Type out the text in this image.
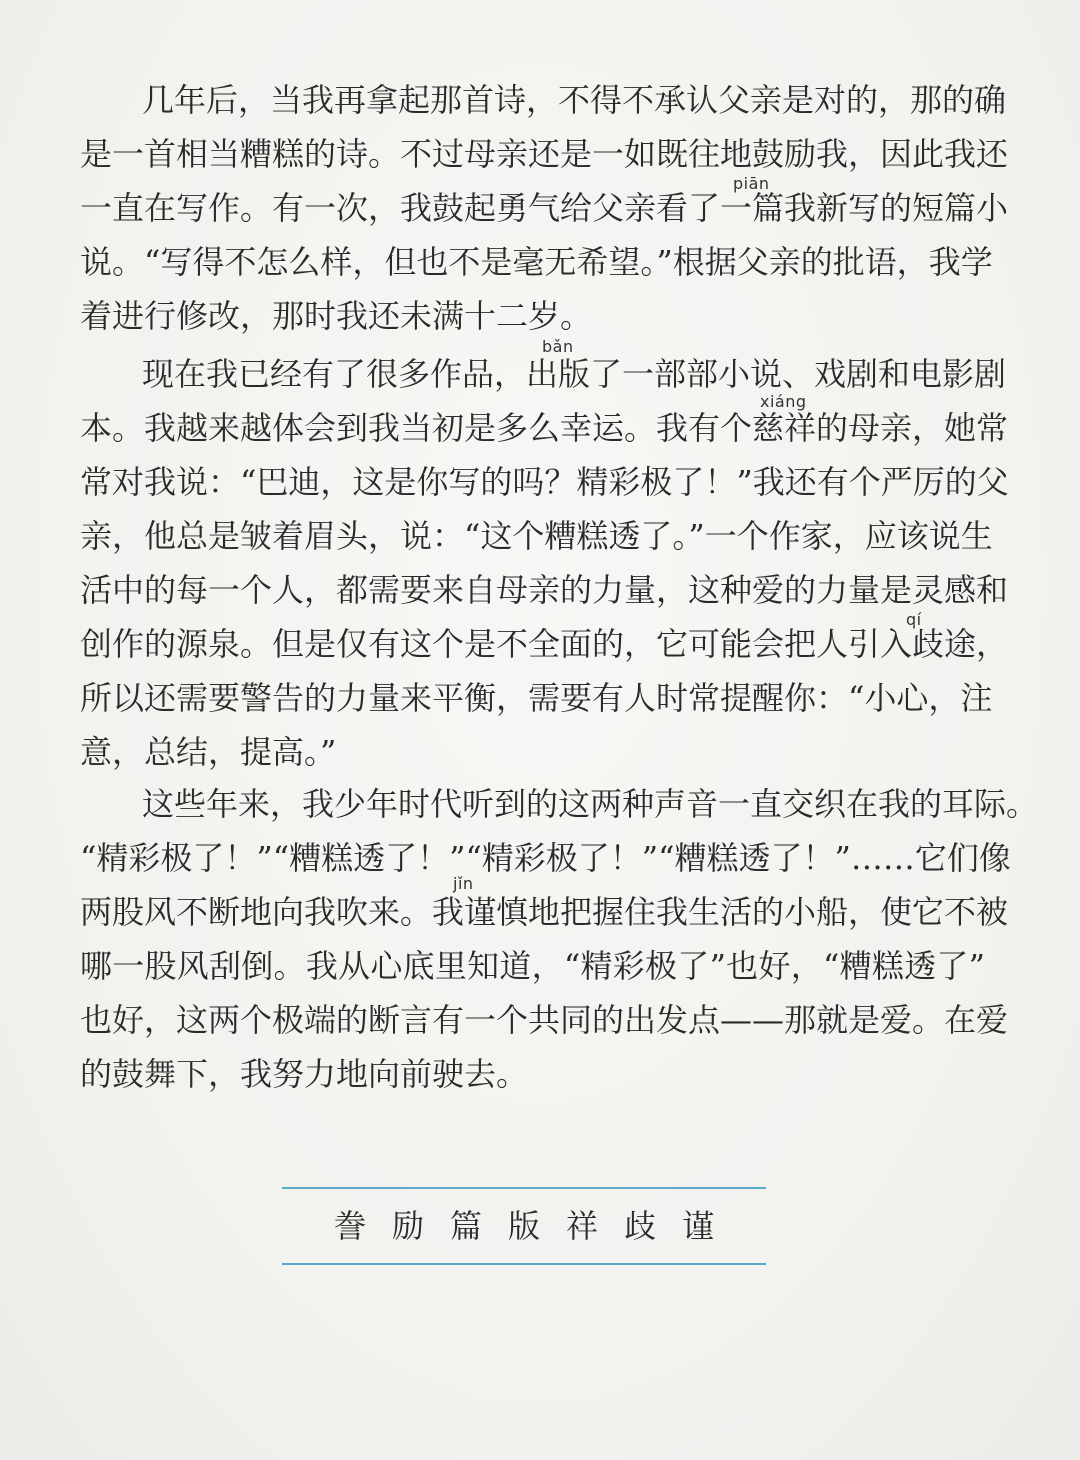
几年后，当我再拿起那首诗，不得不承认父亲是对的，那的确
是一首相当糟糕的诗。不过母亲还是一如既往地鼓励我，因此我还
一直在写作。有一次，我鼓起勇气给父亲看了一篇我新写的短篇小
说。“写得不怎么样，但也不是毫无希望。”根据父亲的批语，我学
着进行修改，那时我还未满十二岁。
现在我已经有了很多作品，出版了一部部小说、戏剧和电影剧
本。我越来越体会到我当初是多么幸运。我有个慈祥的母亲，她常
常对我说：“巴迪，这是你写的吗？精彩极了！”我还有个严厉的父
亲，他总是皱着眉头，说：“这个糟糕透了。”一个作家，应该说生
活中的每一个人，都需要来自母亲的力量，这种爱的力量是灵感和
创作的源泉。但是仅有这个是不全面的，它可能会把人引入歧途，
所以还需要警告的力量来平衡，需要有人时常提醒你：“小心，注
意，总结，提高。”
这些年来，我少年时代听到的这两种声音一直交织在我的耳际。
“精彩极了！”“糟糕透了！”“精彩极了！”“糟糕透了！”……它们像
两股风不断地向我吹来。我谨慎地把握住我生活的小船，使它不被
哪一股风刮倒。我从心底里知道，“精彩极了”也好，“糟糕透了”
也好，这两个极端的断言有一个共同的出发点——那就是爱。在爱
的鼓舞下，我努力地向前驶去。
piān
bǎn
xiáng
qí
jǐn
誊 励 篇 版 祥 歧 谨
